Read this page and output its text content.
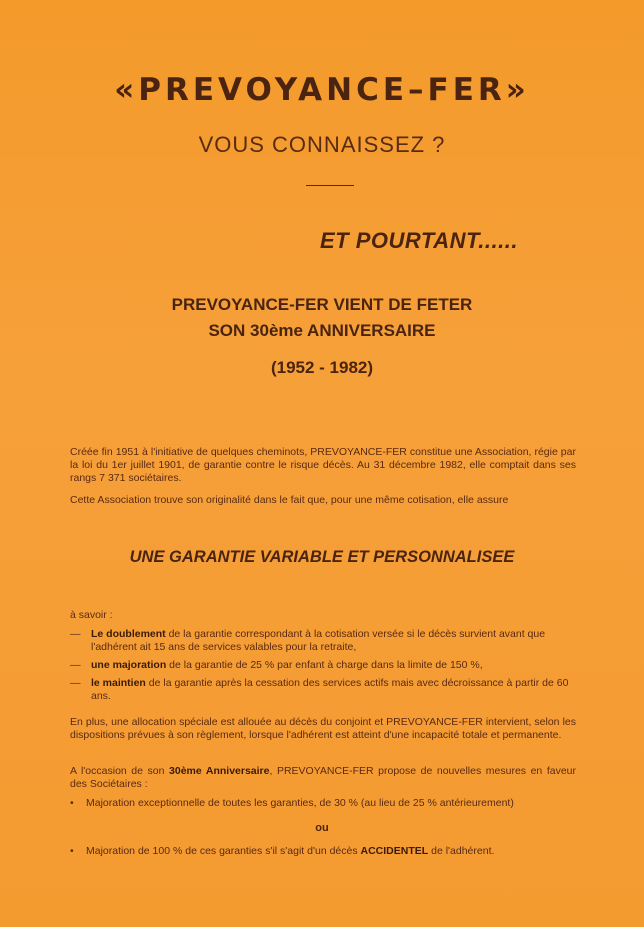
«PREVOYANCE–FER»
VOUS CONNAISSEZ ?
ET POURTANT......
PREVOYANCE-FER VIENT DE FETER
SON 30ème ANNIVERSAIRE
(1952 - 1982)
Créée fin 1951 à l'initiative de quelques cheminots, PREVOYANCE-FER constitue une Association, régie par la loi du 1er juillet 1901, de garantie contre le risque décès. Au 31 décembre 1982, elle comptait dans ses rangs 7 371 sociétaires.
Cette Association trouve son originalité dans le fait que, pour une même cotisation, elle assure
UNE GARANTIE VARIABLE ET PERSONNALISEE
à savoir :
— Le doublement de la garantie correspondant à la cotisation versée si le décès survient avant que l'adhérent ait 15 ans de services valables pour la retraite,
— une majoration de la garantie de 25 % par enfant à charge dans la limite de 150 %,
— le maintien de la garantie après la cessation des services actifs mais avec décroissance à partir de 60 ans.
En plus, une allocation spéciale est allouée au décès du conjoint et PREVOYANCE-FER intervient, selon les dispositions prévues à son règlement, lorsque l'adhérent est atteint d'une incapacité totale et permanente.
A l'occasion de son 30ème Anniversaire, PREVOYANCE-FER propose de nouvelles mesures en faveur des Sociétaires :
• Majoration exceptionnelle de toutes les garanties, de 30 % (au lieu de 25 % antérieurement)
ou
• Majoration de 100 % de ces garanties s'il s'agit d'un décès ACCIDENTEL de l'adhérent.
